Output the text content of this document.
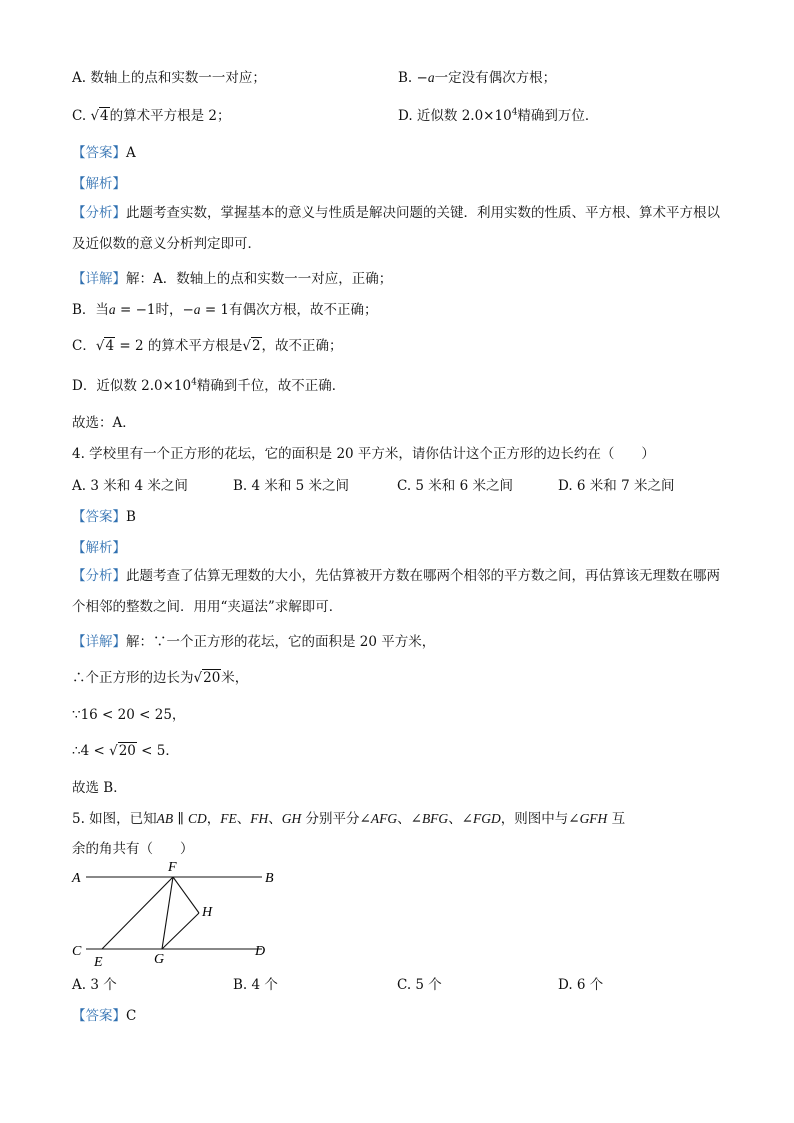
A. 数轴上的点和实数一一对应；	B. −a一定没有偶次方根；
C. √4的算术平方根是 2；	D. 近似数 $2.0\times 10^4$精确到万位．
【答案】A
【解析】
【分析】此题考查实数，掌握基本的意义与性质是解决问题的关键．利用实数的性质、平方根、算术平方根以及近似数的意义分析判定即可．
【详解】解：A．数轴上的点和实数一一对应，正确；
B．当a = −1时，−a = 1有偶次方根，故不正确；
C．√4 = 2 的算术平方根是√2，故不正确；
D．近似数 $2.0\times 10^4$精确到千位，故不正确．
故选：A．
4. 学校里有一个正方形的花坛，它的面积是 20 平方米，请你估计这个正方形的边长约在（　　）
A. 3 米和 4 米之间	B. 4 米和 5 米之间	C. 5 米和 6 米之间	D. 6 米和 7 米之间
【答案】B
【解析】
【分析】此题考查了估算无理数的大小，先估算被开方数在哪两个相邻的平方数之间，再估算该无理数在哪两个相邻的整数之间．用用“夹逼法”求解即可．
【详解】解：∵一个正方形的花坛，它的面积是 20 平方米，
∴个正方形的边长为√20米，
∵16 < 20 < 25，
∴4 < √20 < 5．
故选 B．
5. 如图，已知AB ∥ CD，FE、FH、GH 分别平分∠AFG、∠BFG、∠FGD，则图中与∠GFH 互
余的角共有（　　）
A	B
C	D
E
F
G
H
A. 3 个	B. 4 个	C. 5 个	D. 6 个
【答案】C
